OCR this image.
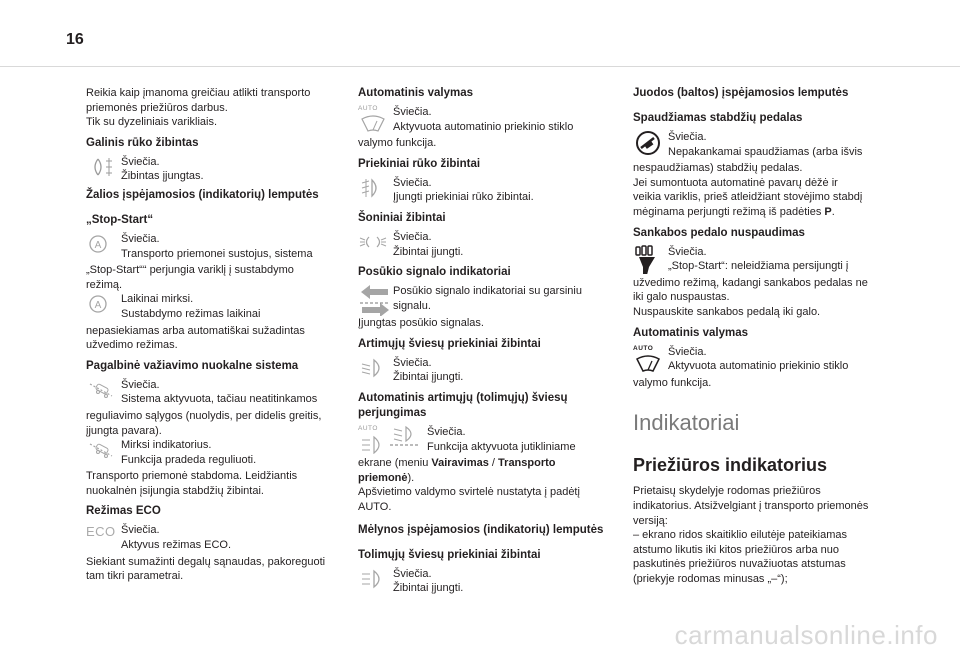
16

Reikia kaip įmanoma greičiau atlikti transporto

priemonės priežiūros darbus.

Tik su dyzeliniais varikliais.

Galinis rūko žibintas

Šviečia.

Žibintas įjungtas.

Žalios įspėjamosios (indikatorių) lemputės
„Stop-Start“
A

Šviečia.

Transporto priemonei sustojus, sistema

„Stop-Start““ perjungia variklį į sustabdymo

režimą.

A

Laikinai mirksi.

Sustabdymo režimas laikinai

nepasiekiamas arba automatiškai sužadintas

užvedimo režimas.

Pagalbinė važiavimo nuokalne sistema

Šviečia.

Sistema aktyvuota, tačiau neatitinkamos

reguliavimo sąlygos (nuolydis, per didelis greitis,

įjungta pavara).

Mirksi indikatorius.

Funkcija pradeda reguliuoti.

Transporto priemonė stabdoma. Leidžiantis

nuokalnėn įsijungia stabdžių žibintai.

Režimas ECO
ECO Šviečia.

Aktyvus režimas ECO.

Siekiant sumažinti degalų sąnaudas, pakoreguoti

tam tikri parametrai.

Automatinis valymas
AUTO	Šviečia.

Aktyvuota automatinio priekinio stiklo

valymo funkcija.

Priekiniai rūko žibintai

Šviečia.

Įjungti priekiniai rūko žibintai.

Šoniniai žibintai

Šviečia.

Žibintai įjungti.

Posūkio signalo indikatoriai

Posūkio signalo indikatoriai su garsiniu

signalu.

Įjungtas posūkio signalas.

Artimųjų šviesų priekiniai žibintai

Šviečia.

Žibintai įjungti.

Automatinis artimųjų (tolimųjų) šviesų perjungimas
AUTO	Šviečia.

Funkcija aktyvuota jutikliniame

ekrane (meniu Vairavimas / Transporto

priemonė).

Apšvietimo valdymo svirtelė nustatyta į padėtį

AUTO.

Mėlynos įspėjamosios (indikatorių) lemputės
Tolimųjų šviesų priekiniai žibintai

Šviečia.

Žibintai įjungti.

Juodos (baltos) įspėjamosios lemputės
Spaudžiamas stabdžių pedalas

Šviečia.

Nepakankamai spaudžiamas (arba išvis

nespaudžiamas) stabdžių pedalas.

Jei sumontuota automatinė pavarų dėžė ir

veikia variklis, prieš atleidžiant stovėjimo stabdį

mėginama perjungti režimą iš padėties P.

Sankabos pedalo nuspaudimas

Šviečia.

„Stop-Start“: neleidžiama persijungti į

užvedimo režimą, kadangi sankabos pedalas ne

iki galo nuspaustas.

Nuspauskite sankabos pedalą iki galo.

Automatinis valymas
AUTO	Šviečia.

Aktyvuota automatinio priekinio stiklo

valymo funkcija.

Indikatoriai
Priežiūros indikatorius

Prietaisų skydelyje rodomas priežiūros

indikatorius. Atsižvelgiant į transporto priemonės

versiją:

– ekrano ridos skaitiklio eilutėje pateikiamas

atstumo likutis iki kitos priežiūros arba nuo

paskutinės priežiūros nuvažiuotas atstumas

(priekyje rodomas minusas „–“);

carmanualsonline.info
